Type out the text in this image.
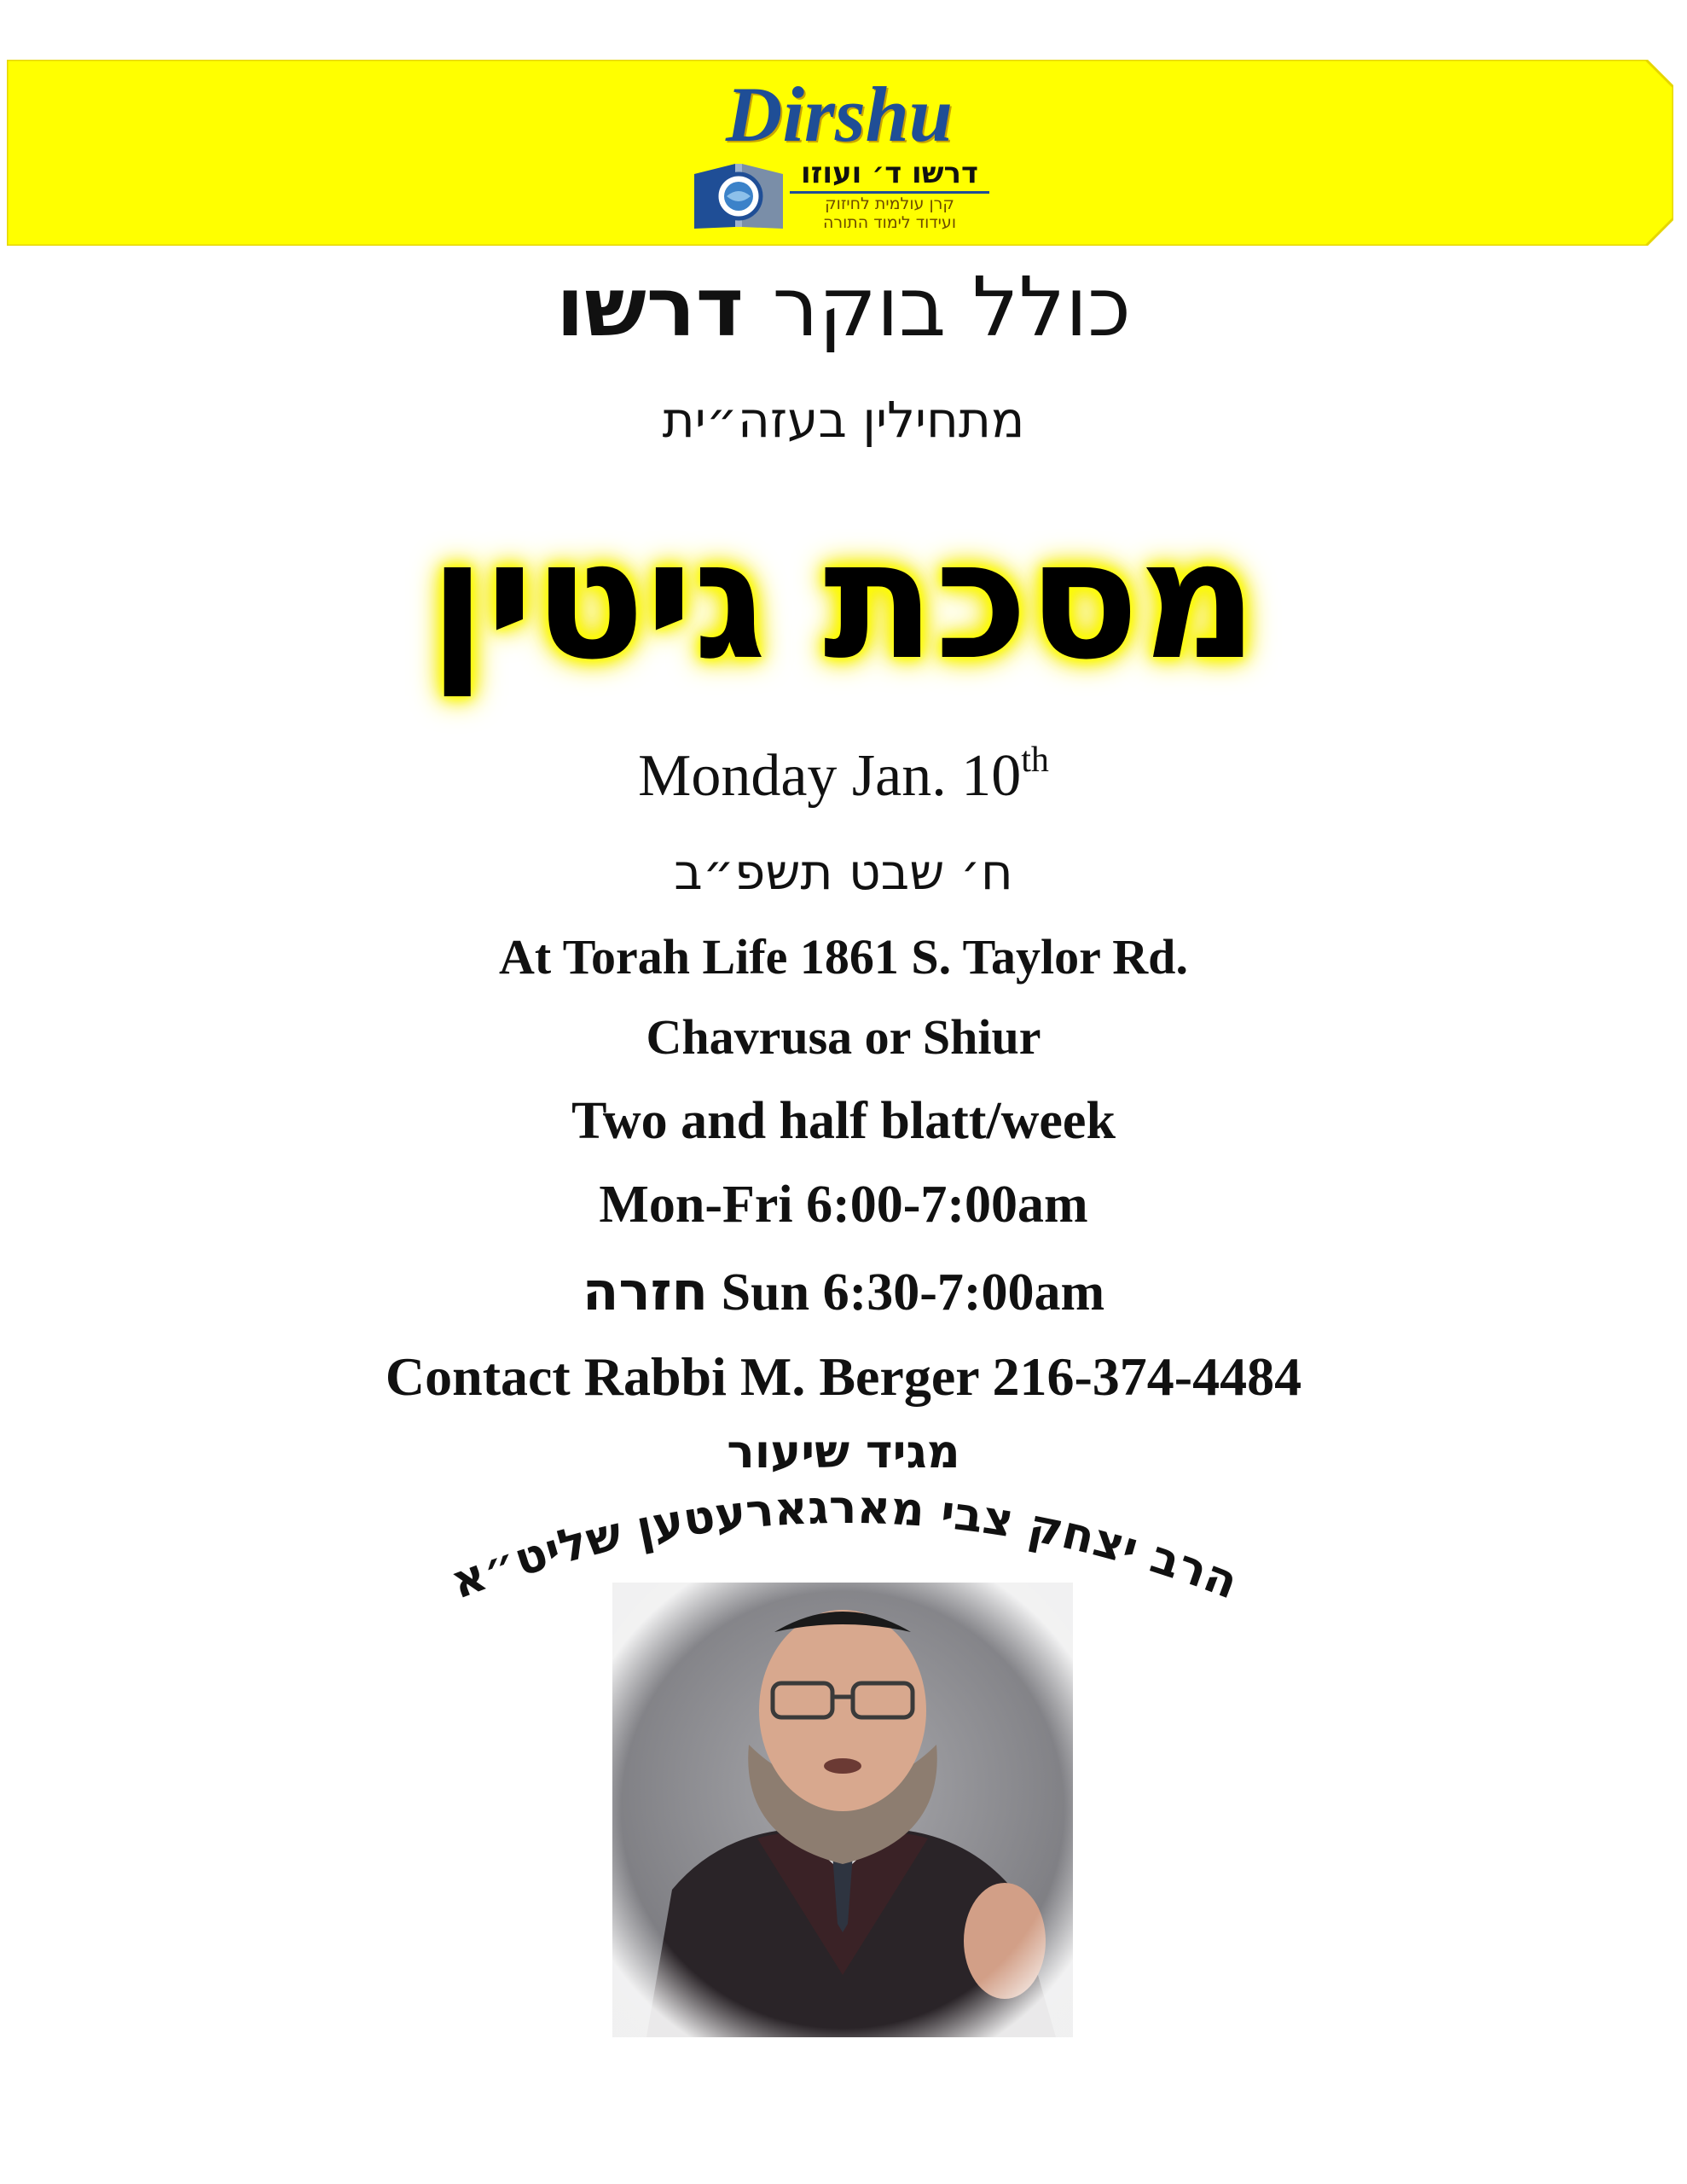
Dirshu
דרשו ד׳ ועוזו
קרן עולמית לחיזוק
ועידוד לימוד התורה
כולל בוקר דרשו
מתחילין בעזה״ית
מסכת גיטין
Monday Jan. 10th
ח׳ שבט תשפ״ב
At Torah Life 1861 S. Taylor Rd.
Chavrusa or Shiur
Two and half blatt/week
Mon-Fri 6:00-7:00am
חזרה Sun 6:30-7:00am
Contact Rabbi M. Berger 216-374-4484
מגיד שיעור
הרב יצחק צבי מארגארעטען שליט״א
